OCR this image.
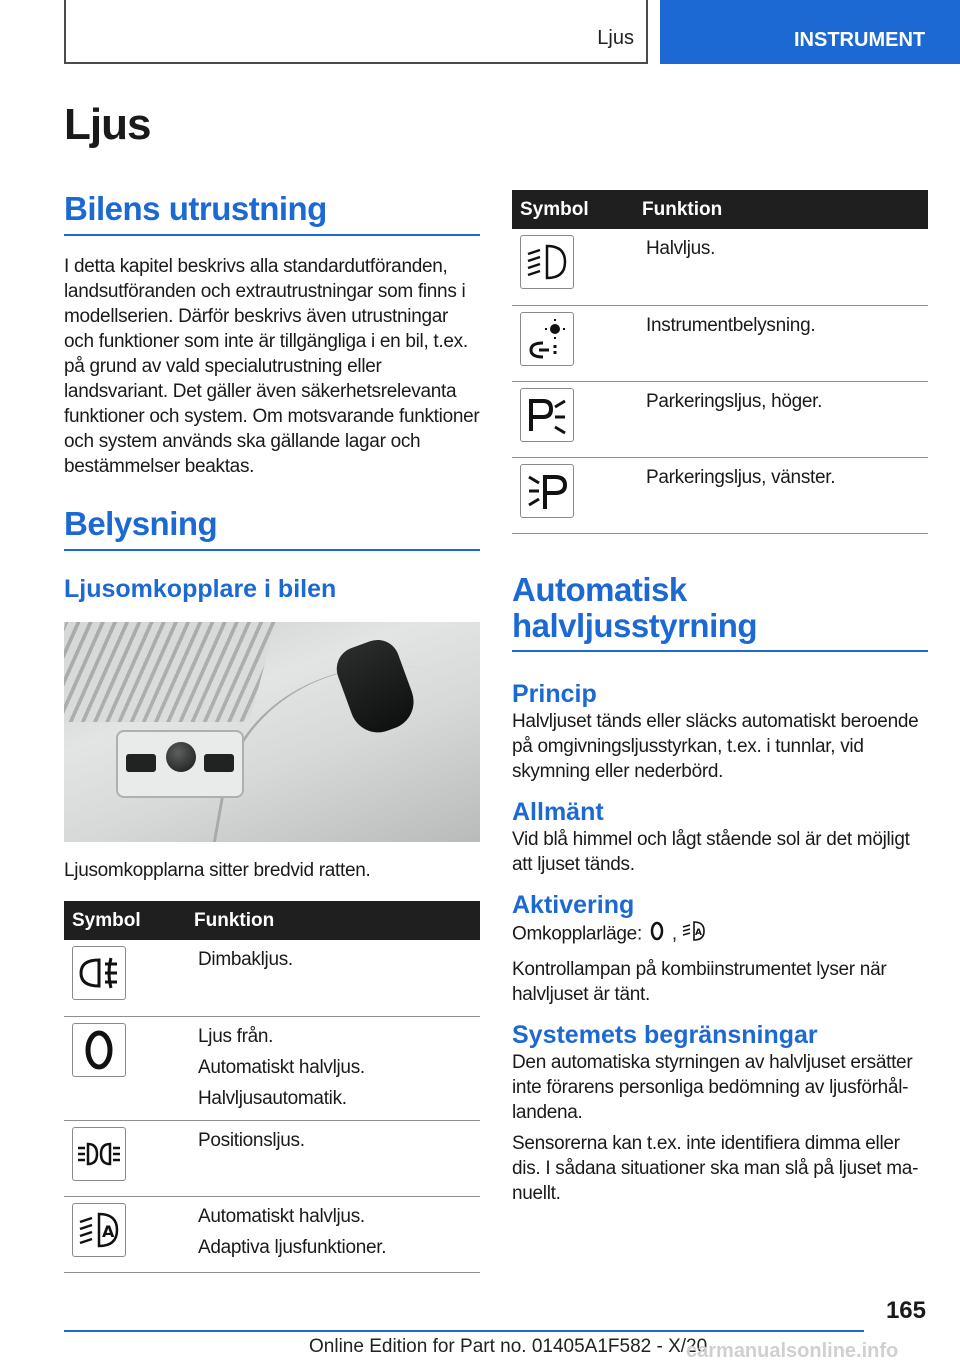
Ljus	INSTRUMENT
Ljus
Bilens utrustning

I detta kapitel beskrivs alla standardutföranden, landsutföranden och extrautrustningar som finns i modellserien. Därför beskrivs även utrustningar och funktioner som inte är tillgängliga i en bil, t.ex. på grund av vald specialutrustning eller landsvariant. Det gäller även säkerhetsrelevanta funktioner och system. Om motsvarande funktioner och system används ska gällande lagar och bestämmelser beaktas.

Belysning
Ljusomkopplare i bilen

Ljusomkopplarna sitter bredvid ratten.

Symbol	Funktion

Dimbakljus.

Ljus från.
Automatiskt halvljus.
Halvljusautomatik.

Positionsljus.

A	Automatiskt halvljus.
Adaptiva ljusfunktioner.
Symbol	Funktion

Halvljus.

Instrumentbelysning.

Parkeringsljus, höger.

Parkeringsljus, vänster.
Automatisk halvljusstyrning
Princip

Halvljuset tänds eller släcks automatiskt beroende på omgivningsljusstyrkan, t.ex. i tunnlar, vid skymning eller nederbörd.

Allmänt

Vid blå himmel och lågt stående sol är det möjligt att ljuset tänds.

Aktivering

Omkopplarläge: , A

Kontrollampan på kombiinstrumentet lyser när halvljuset är tänt.

Systemets begränsningar

Den automatiska styrningen av halvljuset ersätter inte förarens personliga bedömning av ljusförhållandena.

Sensorerna kan t.ex. inte identifiera dimma eller dis. I sådana situationer ska man slå på ljuset manuellt.

165
Online Edition for Part no. 01405A1F582 - X/20
carmanualsonline.info
